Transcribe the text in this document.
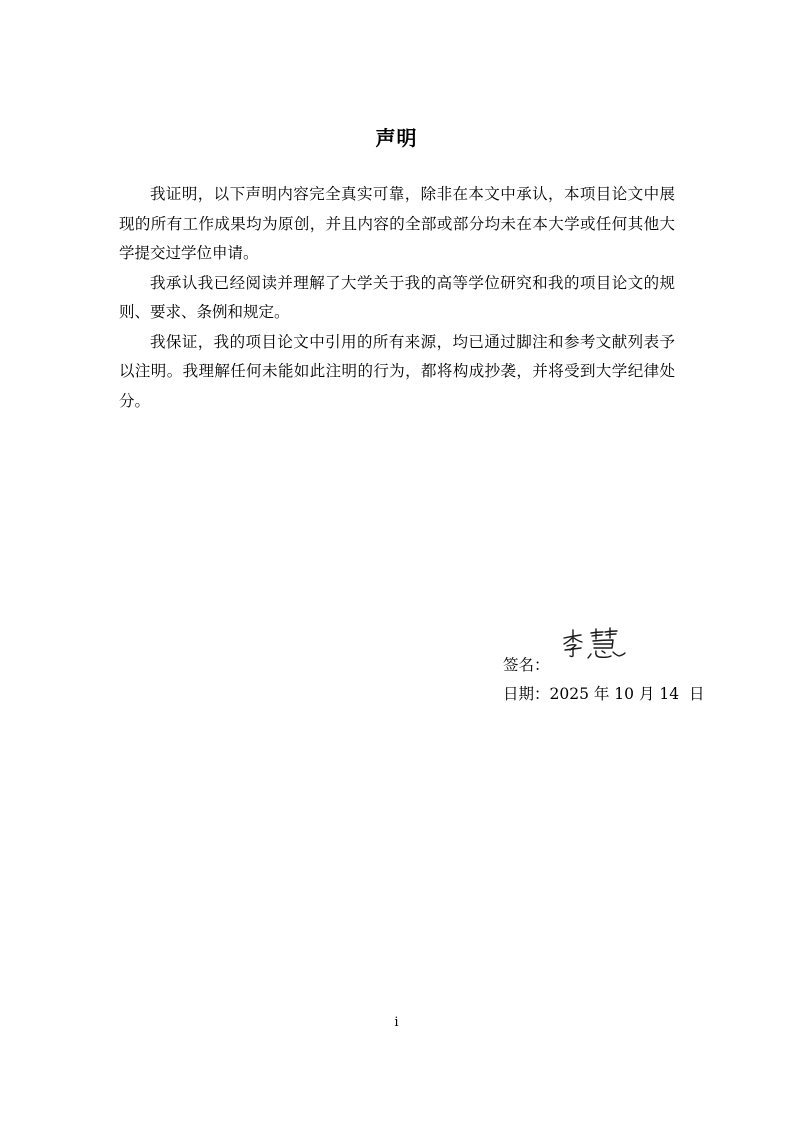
声明

我证明，以下声明内容完全真实可靠，除非在本文中承认，本项目论文中展现的所有工作成果均为原创，并且内容的全部或部分均未在本大学或任何其他大学提交过学位申请。

我承认我已经阅读并理解了大学关于我的高等学位研究和我的项目论文的规则、要求、条例和规定。

我保证，我的项目论文中引用的所有来源，均已通过脚注和参考文献列表予以注明。我理解任何未能如此注明的行为，都将构成抄袭，并将受到大学纪律处分。

签名：
日期：2025 年 10 月 14  日
i
